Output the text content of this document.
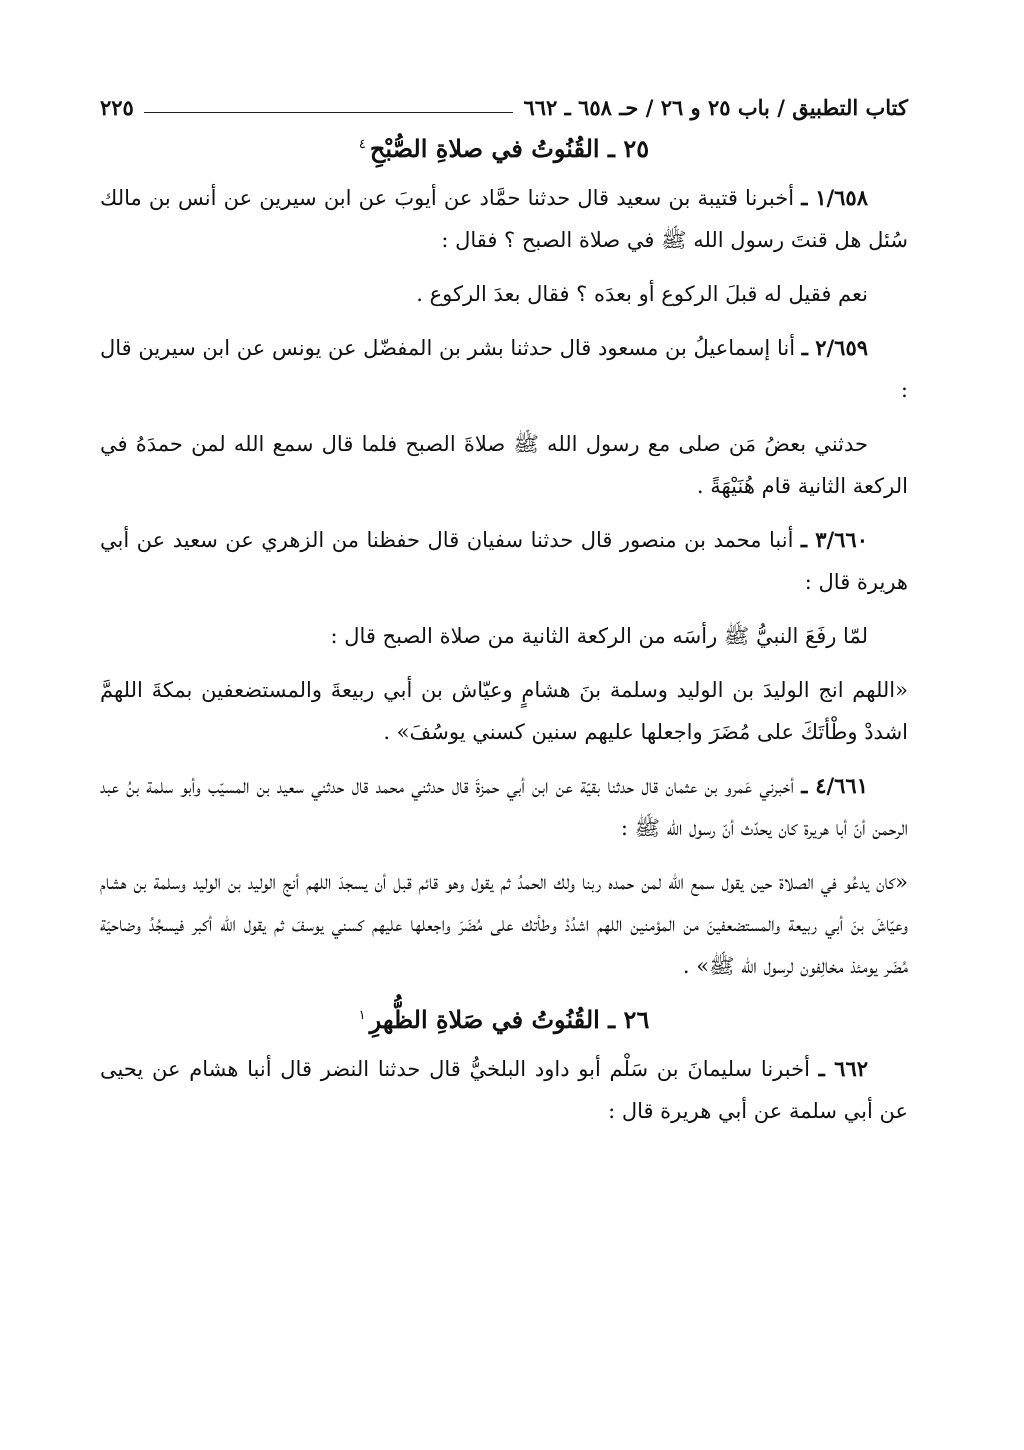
كتاب التطبيق / باب ٢٥ و ٢٦ / حـ ٦٥٨ ـ ٦٦٢
٢٢٥
٢٥ ـ القُنُوتُ في صلاةِ الصُّبْحِ$^٤$

١/٦٥٨ ـ أخبرنا قتيبة بن سعيد قال حدثنا حمَّاد عن أيوبَ عن ابن سيرين عن أنس بن مالك سُئل هل قنتَ رسول الله ﷺ في صلاة الصبح ؟ فقال :

نعم فقيل له قبلَ الركوع أو بعدَه ؟ فقال بعدَ الركوع .

٢/٦٥٩ ـ أنا إسماعيلُ بن مسعود قال حدثنا بشر بن المفضّل عن يونس عن ابن سيرين قال :

حدثني بعضُ مَن صلى مع رسول الله ﷺ صلاةَ الصبح فلما قال سمع الله لمن حمدَهُ في الركعة الثانية قام هُنَيْهَةً .

٣/٦٦٠ ـ أنبا محمد بن منصور قال حدثنا سفيان قال حفظنا من الزهري عن سعيد عن أبي هريرة قال :

لمّا رفَعَ النبيُّ ﷺ رأسَه من الركعة الثانية من صلاة الصبح قال :

«اللهم انج الوليدَ بن الوليد وسلمة بنَ هشامٍ وعيّاش بن أبي ربيعةَ والمستضعفين بمكةَ اللهمَّ اشددْ وطْأتَكَ على مُضَرَ واجعلها عليهم سنين كسني يوسُفَ» .

٤/٦٦١ ـ أخبرني عَمرو بن عثمان قال حدثنا بقيّة عن ابن أبي حمزةَ قال حدثني محمد قال حدثني سعيد بن المسيّب وأبو سلمة بنُ عبد الرحمن أنّ أبا هريرة كان يحدّث أنّ رسول الله ﷺ :

«كان يدعُو في الصلاة حين يقول سمع الله لمن حمده ربنا ولك الحمدُ ثم يقول وهو قائم قبل أن يسجدَ اللهم أنج الوليد بن الوليد وسلمة بن هشام وعيّاشَ بنَ أبي ربيعة والمستضعفينَ من المؤمنين اللهم اشدُدْ وطأتك على مُضَرَ واجعلها عليهم كسني يوسفَ ثم يقول الله أكبر فيسجُدُ وضاحيَة مُضَر يومئذ مخالِفون لرسول الله ﷺ» .

٢٦ ـ القُنُوتُ في صَلاةِ الظُّهرِ$^١$

٦٦٢ ـ أخبرنا سليمانَ بن سَلْم أبو داود البلخيُّ قال حدثنا النضر قال أنبا هشام عن يحيى عن أبي سلمة عن أبي هريرة قال :
